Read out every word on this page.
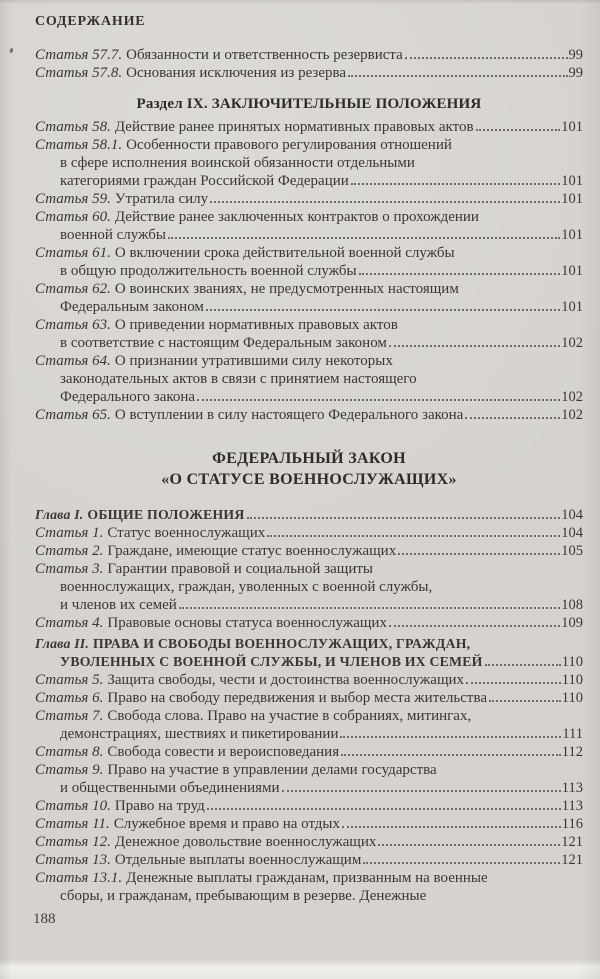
СОДЕРЖАНИЕ
Статья 57.7. Обязанности и ответственность резервиста	99
Статья 57.8. Основания исключения из резерва	99
Раздел IX. ЗАКЛЮЧИТЕЛЬНЫЕ ПОЛОЖЕНИЯ
Статья 58. Действие ранее принятых нормативных правовых актов	101
Статья 58.1. Особенности правового регулирования отношений
в сфере исполнения воинской обязанности отдельными
категориями граждан Российской Федерации	101
Статья 59. Утратила силу	101
Статья 60. Действие ранее заключенных контрактов о прохождении
военной службы	101
Статья 61. О включении срока действительной военной службы
в общую продолжительность военной службы	101
Статья 62. О воинских званиях, не предусмотренных настоящим
Федеральным законом	101
Статья 63. О приведении нормативных правовых актов
в соответствие с настоящим Федеральным законом	102
Статья 64. О признании утратившими силу некоторых
законодательных актов в связи с принятием настоящего
Федерального закона	102
Статья 65. О вступлении в силу настоящего Федерального закона	102
ФЕДЕРАЛЬНЫЙ ЗАКОН
«О СТАТУСЕ ВОЕННОСЛУЖАЩИХ»
Глава I. ОБЩИЕ ПОЛОЖЕНИЯ	104
Статья 1. Статус военнослужащих	104
Статья 2. Граждане, имеющие статус военнослужащих	105
Статья 3. Гарантии правовой и социальной защиты
военнослужащих, граждан, уволенных с военной службы,
и членов их семей	108
Статья 4. Правовые основы статуса военнослужащих	109
Глава II. ПРАВА И СВОБОДЫ ВОЕННОСЛУЖАЩИХ, ГРАЖДАН,
УВОЛЕННЫХ С ВОЕННОЙ СЛУЖБЫ, И ЧЛЕНОВ ИХ СЕМЕЙ	110
Статья 5. Защита свободы, чести и достоинства военнослужащих	110
Статья 6. Право на свободу передвижения и выбор места жительства	110
Статья 7. Свобода слова. Право на участие в собраниях, митингах,
демонстрациях, шествиях и пикетировании	111
Статья 8. Свобода совести и вероисповедания	112
Статья 9. Право на участие в управлении делами государства
и общественными объединениями	113
Статья 10. Право на труд	113
Статья 11. Служебное время и право на отдых	116
Статья 12. Денежное довольствие военнослужащих	121
Статья 13. Отдельные выплаты военнослужащим	121
Статья 13.1. Денежные выплаты гражданам, призванным на военные
сборы, и гражданам, пребывающим в резерве. Денежные
188
